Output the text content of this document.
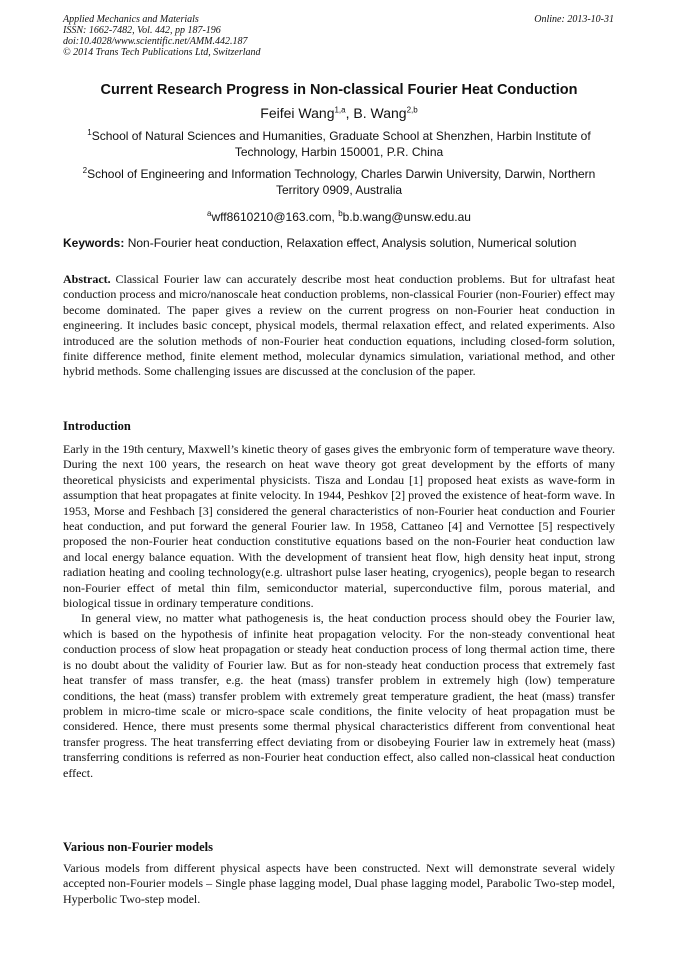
Applied Mechanics and Materials
ISSN: 1662-7482, Vol. 442, pp 187-196
doi:10.4028/www.scientific.net/AMM.442.187
© 2014 Trans Tech Publications Ltd, Switzerland
Online: 2013-10-31
Current Research Progress in Non-classical Fourier Heat Conduction
Feifei Wang$^{1,a}$, B. Wang$^{2,b}$
$^1$School of Natural Sciences and Humanities, Graduate School at Shenzhen, Harbin Institute of Technology, Harbin 150001, P.R. China
$^2$School of Engineering and Information Technology, Charles Darwin University, Darwin, Northern Territory 0909, Australia
$^a$wff8610210@163.com, $^b$b.b.wang@unsw.edu.au
Keywords: Non-Fourier heat conduction, Relaxation effect, Analysis solution, Numerical solution
Abstract. Classical Fourier law can accurately describe most heat conduction problems. But for ultrafast heat conduction process and micro/nanoscale heat conduction problems, non-classical Fourier (non-Fourier) effect may become dominated. The paper gives a review on the current progress on non-Fourier heat conduction in engineering. It includes basic concept, physical models, thermal relaxation effect, and related experiments. Also introduced are the solution methods of non-Fourier heat conduction equations, including closed-form solution, finite difference method, finite element method, molecular dynamics simulation, variational method, and other hybrid methods. Some challenging issues are discussed at the conclusion of the paper.
Introduction

Early in the 19th century, Maxwell’s kinetic theory of gases gives the embryonic form of temperature wave theory. During the next 100 years, the research on heat wave theory got great development by the efforts of many theoretical physicists and experimental physicists. Tisza and Londau [1] proposed heat exists as wave-form in assumption that heat propagates at finite velocity. In 1944, Peshkov [2] proved the existence of heat-form wave. In 1953, Morse and Feshbach [3] considered the general characteristics of non-Fourier heat conduction and Fourier heat conduction, and put forward the general Fourier law. In 1958, Cattaneo [4] and Vernottee [5] respectively proposed the non-Fourier heat conduction constitutive equations based on the non-Fourier heat conduction law and local energy balance equation. With the development of transient heat flow, high density heat input, strong radiation heating and cooling technology(e.g. ultrashort pulse laser heating, cryogenics), people began to research non-Fourier effect of metal thin film, semiconductor material, superconductive film, porous material, and biological tissue in ordinary temperature conditions.

In general view, no matter what pathogenesis is, the heat conduction process should obey the Fourier law, which is based on the hypothesis of infinite heat propagation velocity. For the non-steady conventional heat conduction process of slow heat propagation or steady heat conduction process of long thermal action time, there is no doubt about the validity of Fourier law. But as for non-steady heat conduction process that extremely fast heat transfer of mass transfer, e.g. the heat (mass) transfer problem in extremely high (low) temperature conditions, the heat (mass) transfer problem with extremely great temperature gradient, the heat (mass) transfer problem in micro-time scale or micro-space scale conditions, the finite velocity of heat propagation must be considered. Hence, there must presents some thermal physical characteristics different from conventional heat transfer progress. The heat transferring effect deviating from or disobeying Fourier law in extremely heat (mass) transferring conditions is referred as non-Fourier heat conduction effect, also called non-classical heat conduction effect.

Various non-Fourier models

Various models from different physical aspects have been constructed. Next will demonstrate several widely accepted non-Fourier models – Single phase lagging model, Dual phase lagging model, Parabolic Two-step model, Hyperbolic Two-step model.
